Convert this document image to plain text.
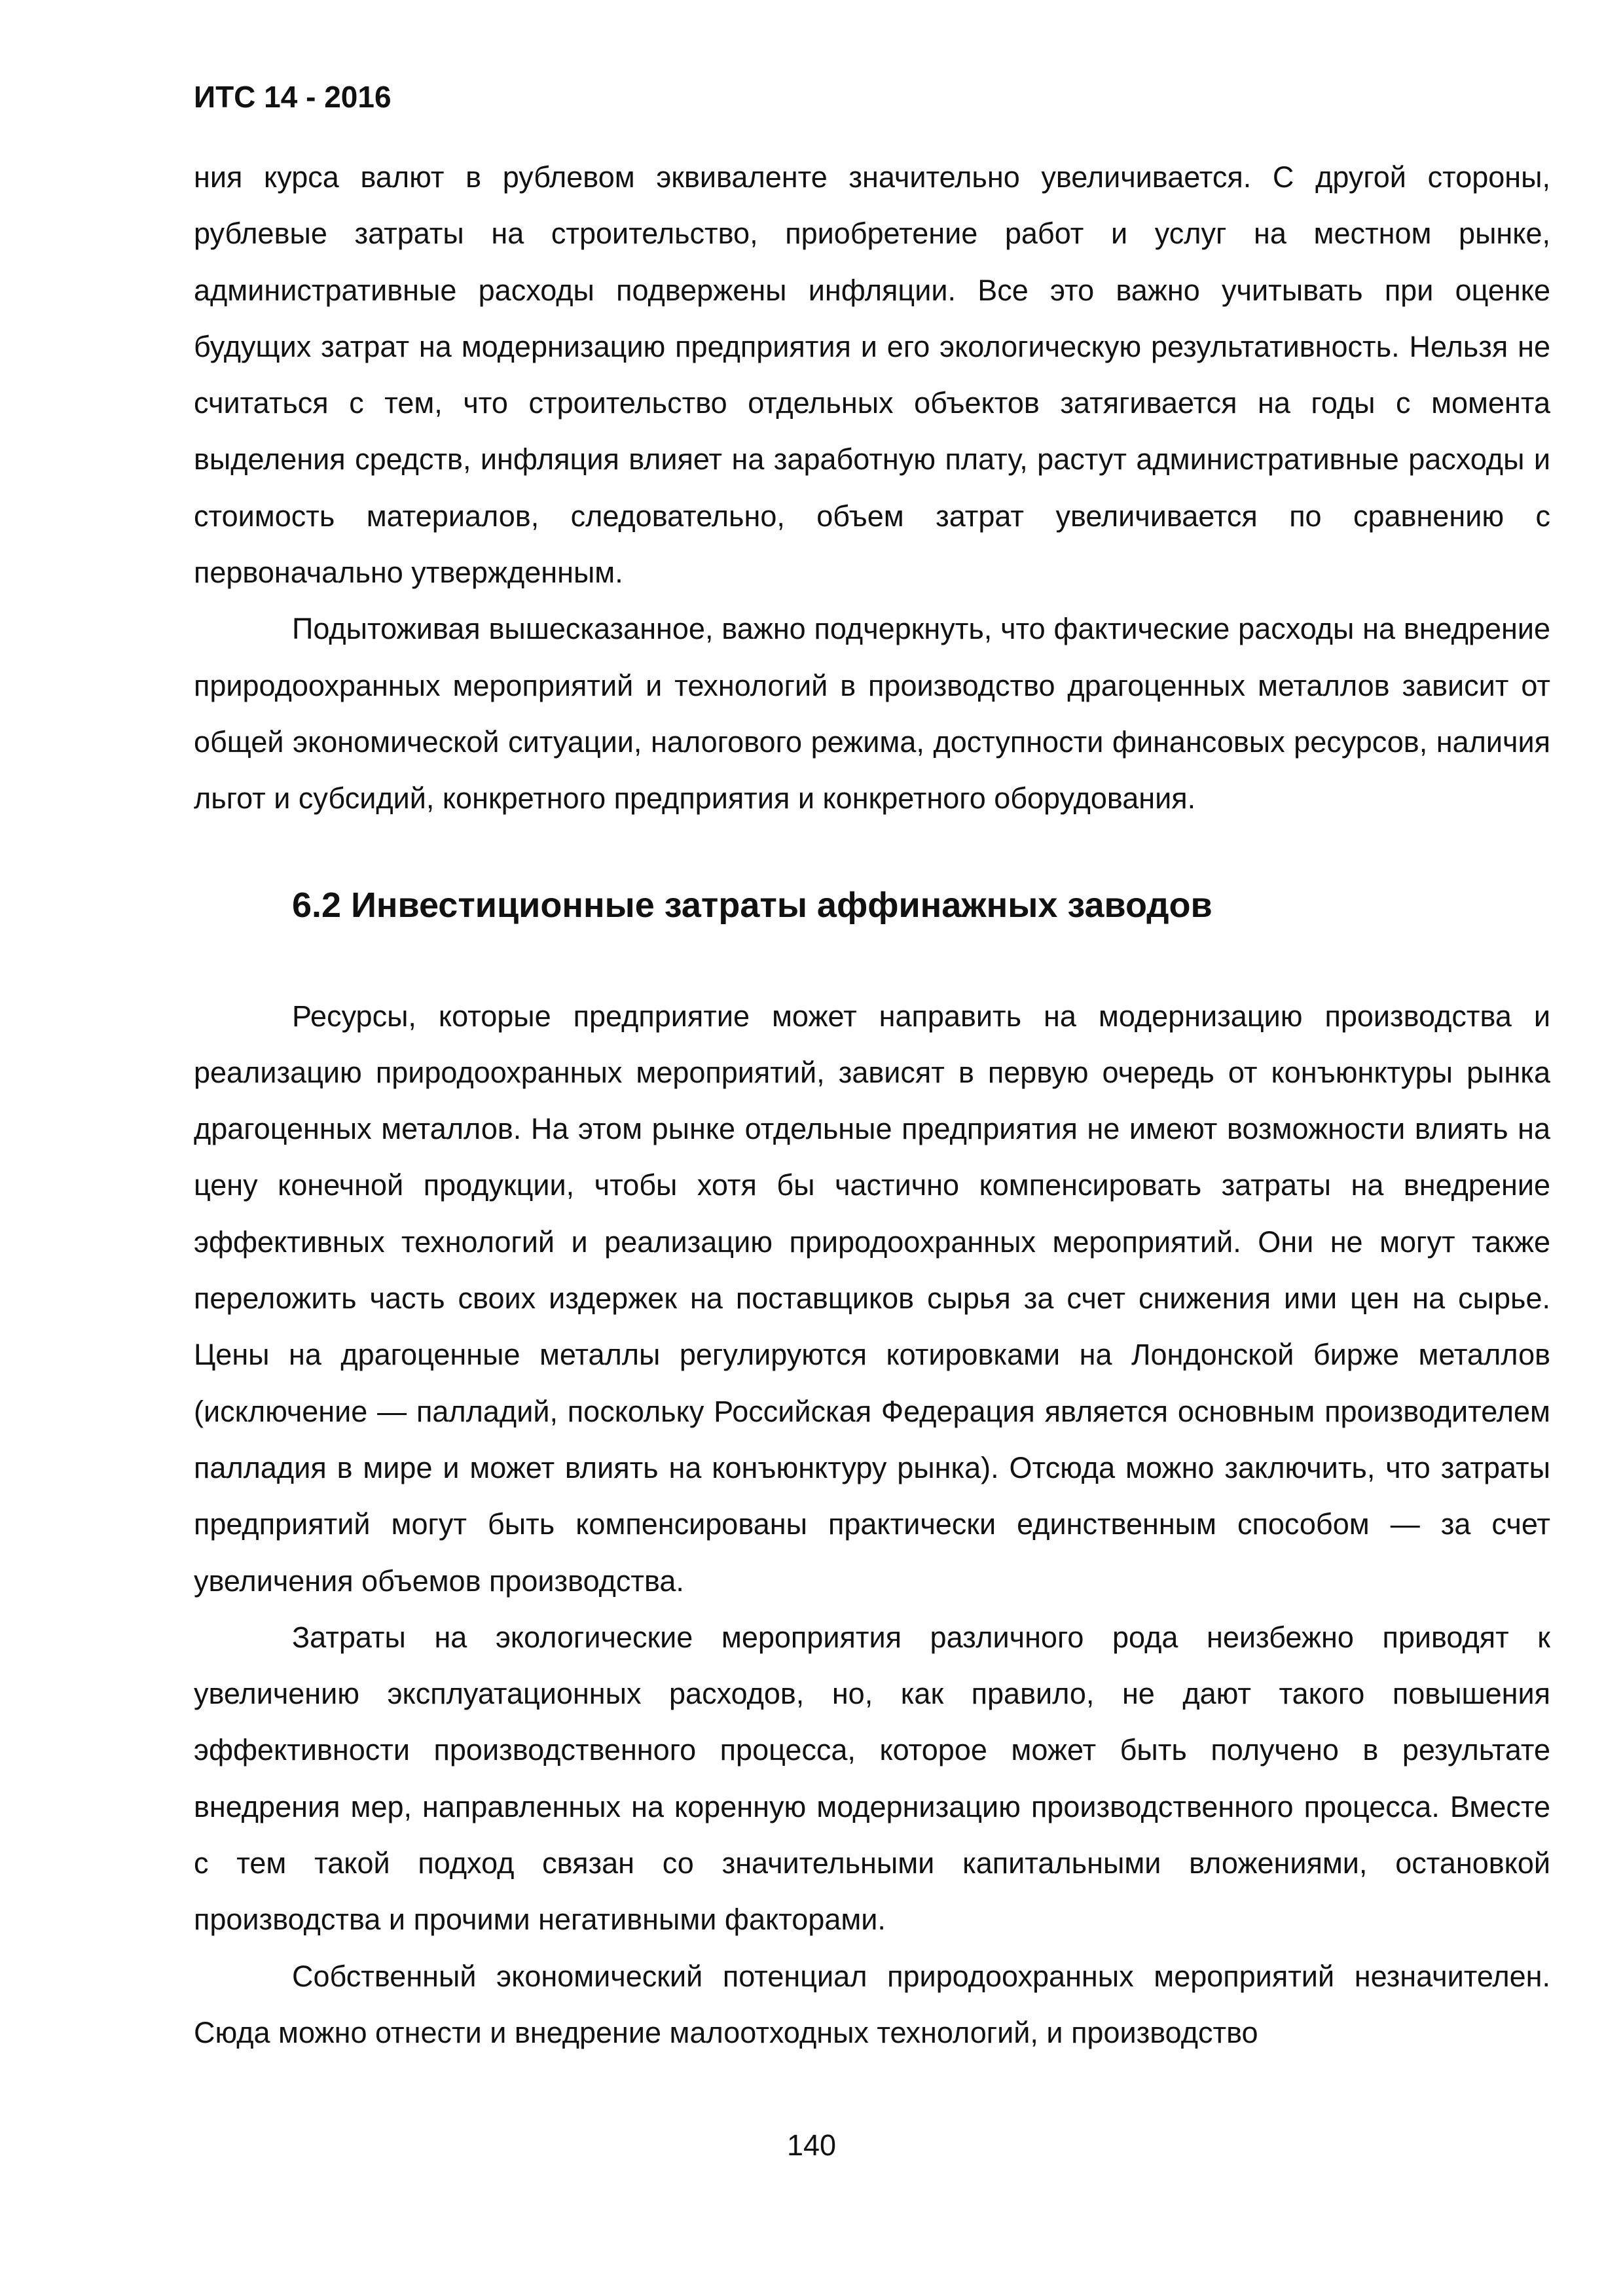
ИТС 14 - 2016

ния курса валют в рублевом эквиваленте значительно увеличивается. С другой стороны, рублевые затраты на строительство, приобретение работ и услуг на местном рынке, административные расходы подвержены инфляции. Все это важно учитывать при оценке будущих затрат на модернизацию предприятия и его экологическую результативность. Нельзя не считаться с тем, что строительство отдельных объектов затягивается на годы с момента выделения средств, инфляция влияет на заработную плату, растут административные расходы и стоимость материалов, следовательно, объем затрат увеличивается по сравнению с первоначально утвержденным.

Подытоживая вышесказанное, важно подчеркнуть, что фактические расходы на внедрение природоохранных мероприятий и технологий в производство драгоценных металлов зависит от общей экономической ситуации, налогового режима, доступности финансовых ресурсов, наличия льгот и субсидий, конкретного предприятия и конкретного оборудования.

6.2 Инвестиционные затраты аффинажных заводов

Ресурсы, которые предприятие может направить на модернизацию производства и реализацию природоохранных мероприятий, зависят в первую очередь от конъюнктуры рынка драгоценных металлов. На этом рынке отдельные предприятия не имеют возможности влиять на цену конечной продукции, чтобы хотя бы частично компенсировать затраты на внедрение эффективных технологий и реализацию природоохранных мероприятий. Они не могут также переложить часть своих издержек на поставщиков сырья за счет снижения ими цен на сырье. Цены на драгоценные металлы регулируются котировками на Лондонской бирже металлов (исключение — палладий, поскольку Российская Федерация является основным производителем палладия в мире и может влиять на конъюнктуру рынка). Отсюда можно заключить, что затраты предприятий могут быть компенсированы практически единственным способом — за счет увеличения объемов производства.

Затраты на экологические мероприятия различного рода неизбежно приводят к увеличению эксплуатационных расходов, но, как правило, не дают такого повышения эффективности производственного процесса, которое может быть получено в результате внедрения мер, направленных на коренную модернизацию производственного процесса. Вместе с тем такой подход связан со значительными капитальными вложениями, остановкой производства и прочими негативными факторами.

Собственный экономический потенциал природоохранных мероприятий незначителен. Сюда можно отнести и внедрение малоотходных технологий, и производство

140
